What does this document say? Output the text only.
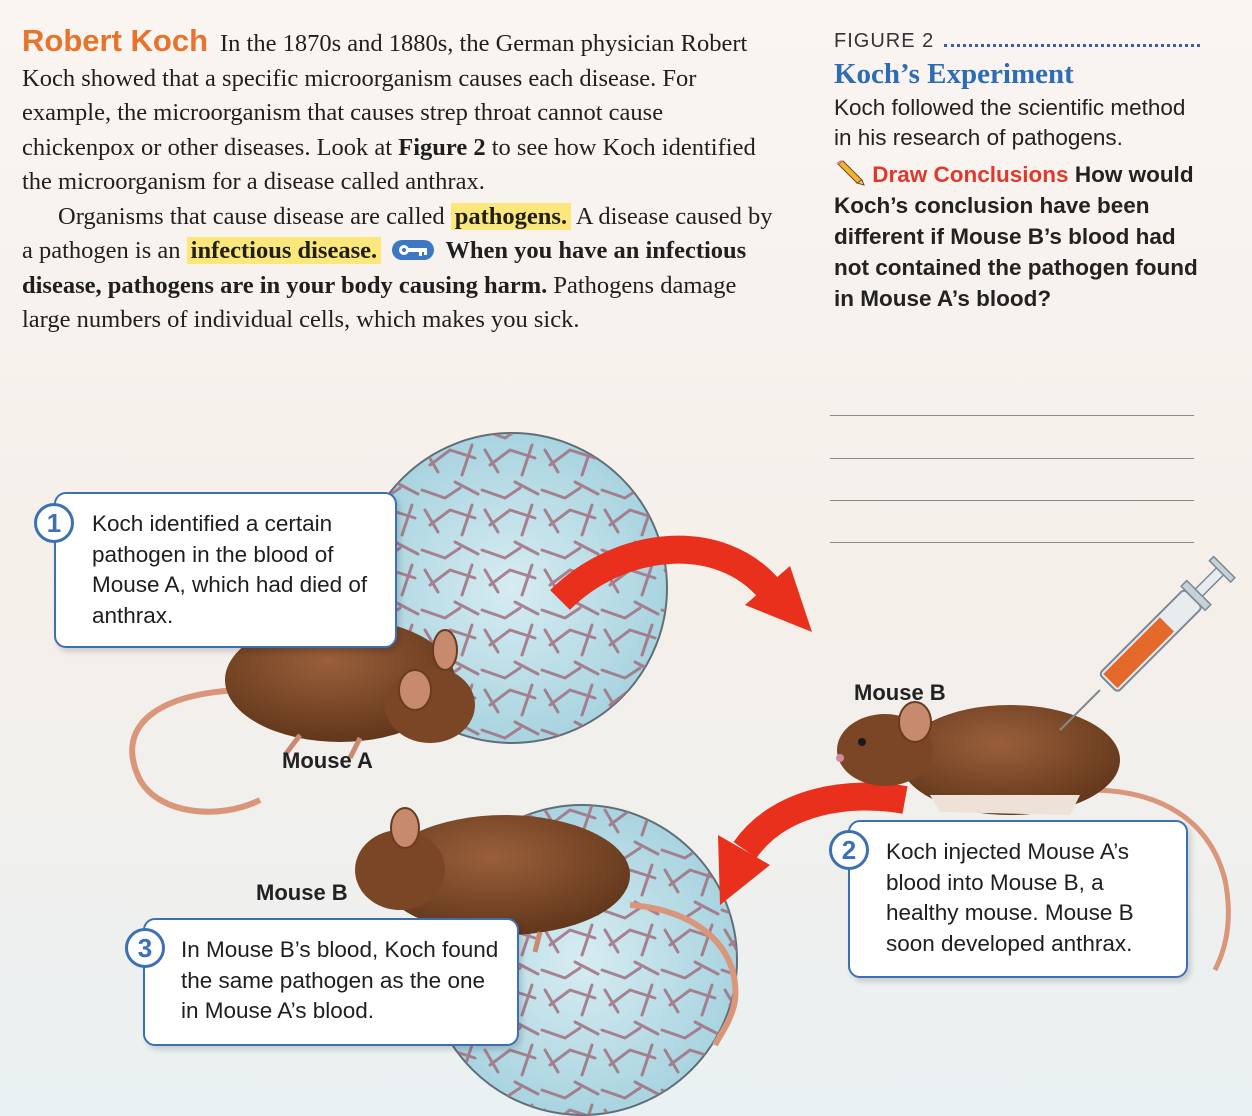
Robert Koch In the 1870s and 1880s, the German physician Robert Koch showed that a specific microorganism causes each disease. For example, the microorganism that causes strep throat cannot cause chickenpox or other diseases. Look at Figure 2 to see how Koch identified the microorganism for a disease called anthrax.

Organisms that cause disease are called pathogens. A disease caused by a pathogen is an infectious disease.	When you have an infectious disease, pathogens are in your body causing harm. Pathogens damage large numbers of individual cells, which makes you sick.

FIGURE 2
Koch’s Experiment
Koch followed the scientific method in his research of pathogens.
Draw Conclusions How would Koch’s conclusion have been different if Mouse B’s blood had not contained the pathogen found in Mouse A’s blood?
Mouse A
Mouse B
Mouse B
Koch identified a certain pathogen in the blood of Mouse A, which had died of anthrax.
1
Koch injected Mouse A’s blood into Mouse B, a healthy mouse. Mouse B soon developed anthrax.
2
In Mouse B’s blood, Koch found the same pathogen as the one in Mouse A’s blood.
3
